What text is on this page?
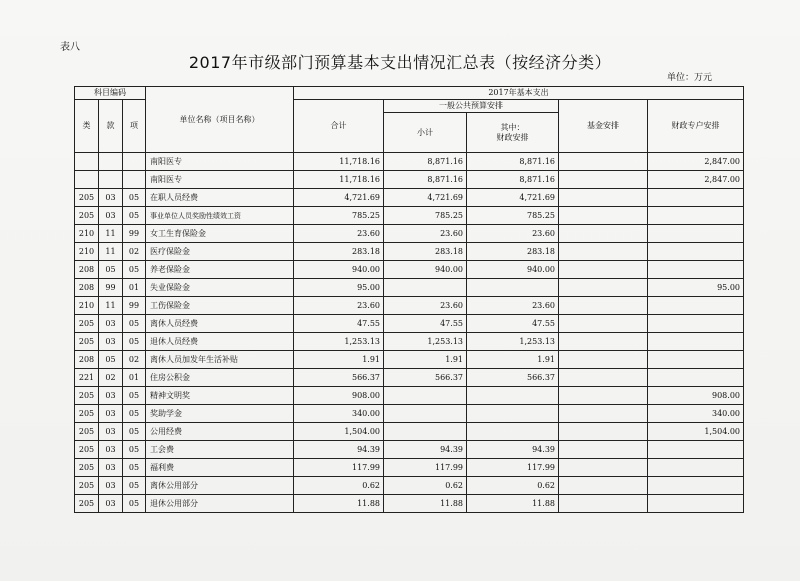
表八
2017年市级部门预算基本支出情况汇总表（按经济分类）
单位：万元
科目编码			单位名称（项目名称）	2017年基本支出				
类	款	项		合计	一般公共预算安排		基金安排	财政专户安排
					小计	其中：
财政安排		

			南阳医专	11,718.16	8,871.16	8,871.16		2,847.00
			南阳医专	11,718.16	8,871.16	8,871.16		2,847.00
205	03	05	在职人员经费	4,721.69	4,721.69	4,721.69		
205	03	05	事业单位人员奖励性绩效工资	785.25	785.25	785.25		
210	11	99	女工生育保险金	23.60	23.60	23.60		
210	11	02	医疗保险金	283.18	283.18	283.18		
208	05	05	养老保险金	940.00	940.00	940.00		
208	99	01	失业保险金	95.00				95.00
210	11	99	工伤保险金	23.60	23.60	23.60		
205	03	05	离休人员经费	47.55	47.55	47.55		
205	03	05	退休人员经费	1,253.13	1,253.13	1,253.13		
208	05	02	离休人员加发年生活补贴	1.91	1.91	1.91		
221	02	01	住房公积金	566.37	566.37	566.37		
205	03	05	精神文明奖	908.00				908.00
205	03	05	奖助学金	340.00				340.00
205	03	05	公用经费	1,504.00				1,504.00
205	03	05	工会费	94.39	94.39	94.39		
205	03	05	福利费	117.99	117.99	117.99		
205	03	05	离休公用部分	0.62	0.62	0.62		
205	03	05	退休公用部分	11.88	11.88	11.88		
